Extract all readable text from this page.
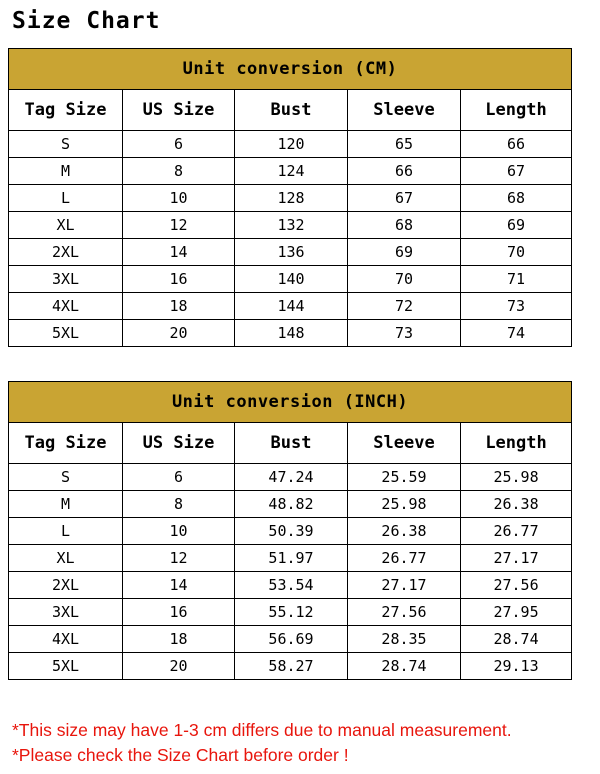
Size Chart
Unit conversion (CM)				
Tag Size	US Size	Bust	Sleeve	Length
S	6	120	65	66
M	8	124	66	67
L	10	128	67	68
XL	12	132	68	69
2XL	14	136	69	70
3XL	16	140	70	71
4XL	18	144	72	73
5XL	20	148	73	74
Unit conversion (INCH)				
Tag Size	US Size	Bust	Sleeve	Length
S	6	47.24	25.59	25.98
M	8	48.82	25.98	26.38
L	10	50.39	26.38	26.77
XL	12	51.97	26.77	27.17
2XL	14	53.54	27.17	27.56
3XL	16	55.12	27.56	27.95
4XL	18	56.69	28.35	28.74
5XL	20	58.27	28.74	29.13
*This size may have 1-3 cm differs due to manual measurement.
*Please check the Size Chart before order !
